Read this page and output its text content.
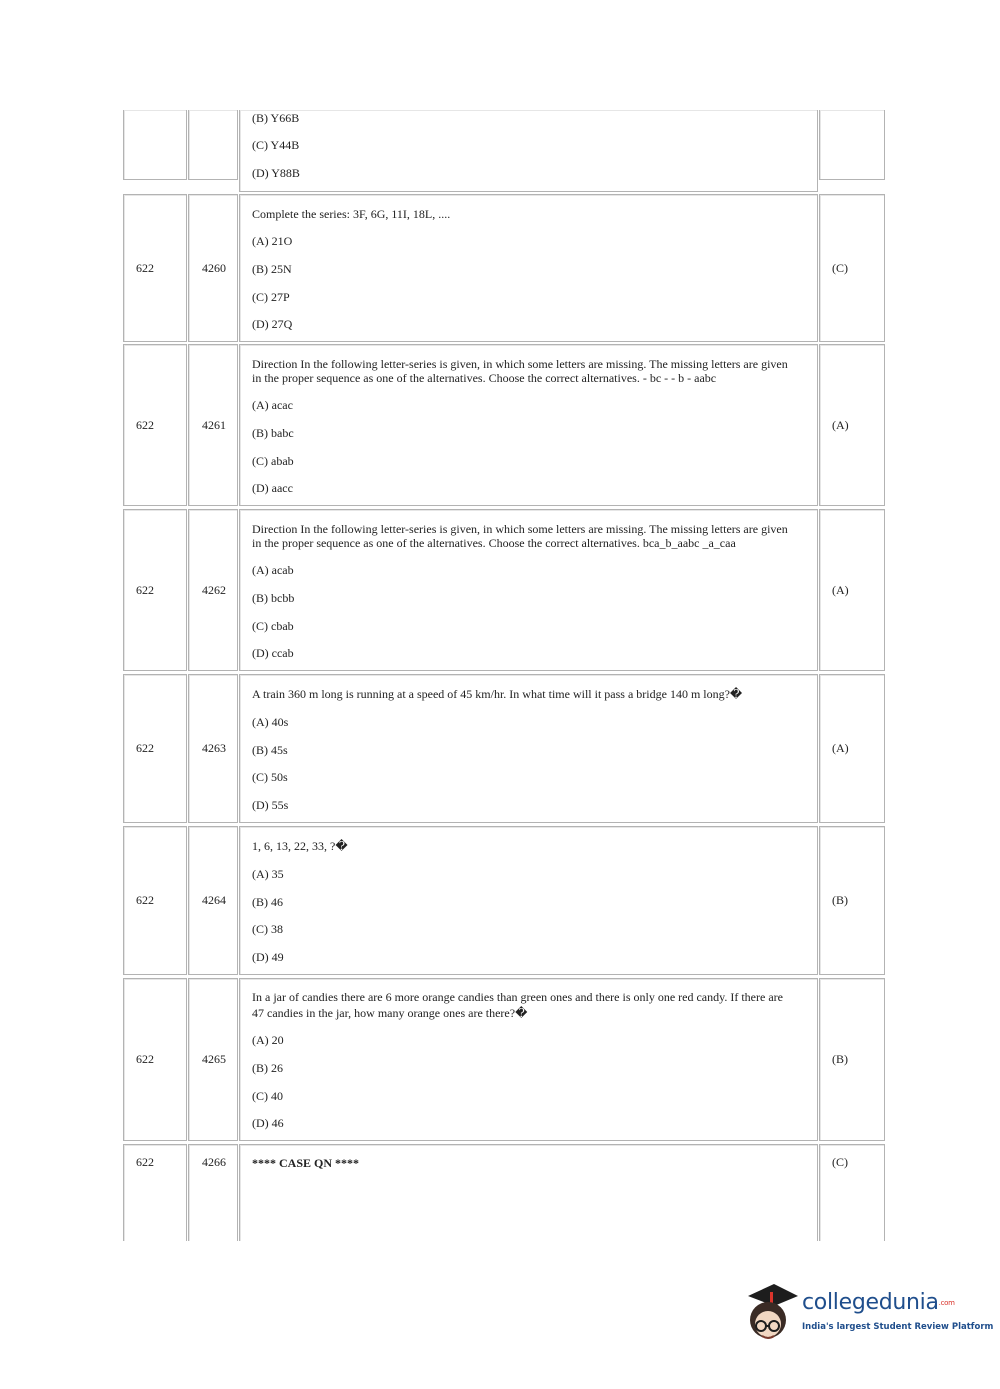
(B) Y66B
(C) Y44B
(D) Y88B
622	4260
Complete the series: 3F, 6G, 11I, 18L, ....
(A) 21O
(B) 25N
(C) 27P
(D) 27Q
(C)
622	4261
Direction In the following letter-series is given, in which some letters are missing. The missing letters are given
in the proper sequence as one of the alternatives. Choose the correct alternatives. - bc - - b - aabc
(A) acac
(B) babc
(C) abab
(D) aacc
(A)
622	4262
Direction In the following letter-series is given, in which some letters are missing. The missing letters are given
in the proper sequence as one of the alternatives. Choose the correct alternatives. bca_b_aabc _a_caa
(A) acab
(B) bcbb
(C) cbab
(D) ccab
(A)
622	4263
A train 360 m long is running at a speed of 45 km/hr. In what time will it pass a bridge 140 m long?�
(A) 40s
(B) 45s
(C) 50s
(D) 55s
(A)
622	4264
1, 6, 13, 22, 33, ?�
(A) 35
(B) 46
(C) 38
(D) 49
(B)
622	4265
In a jar of candies there are 6 more orange candies than green ones and there is only one red candy. If there are
47 candies in the jar, how many orange ones are there?�
(A) 20
(B) 26
(C) 40
(D) 46
(B)
622	4266	**** CASE QN ****	(C)
collegedunia.com
India's largest Student Review Platform
